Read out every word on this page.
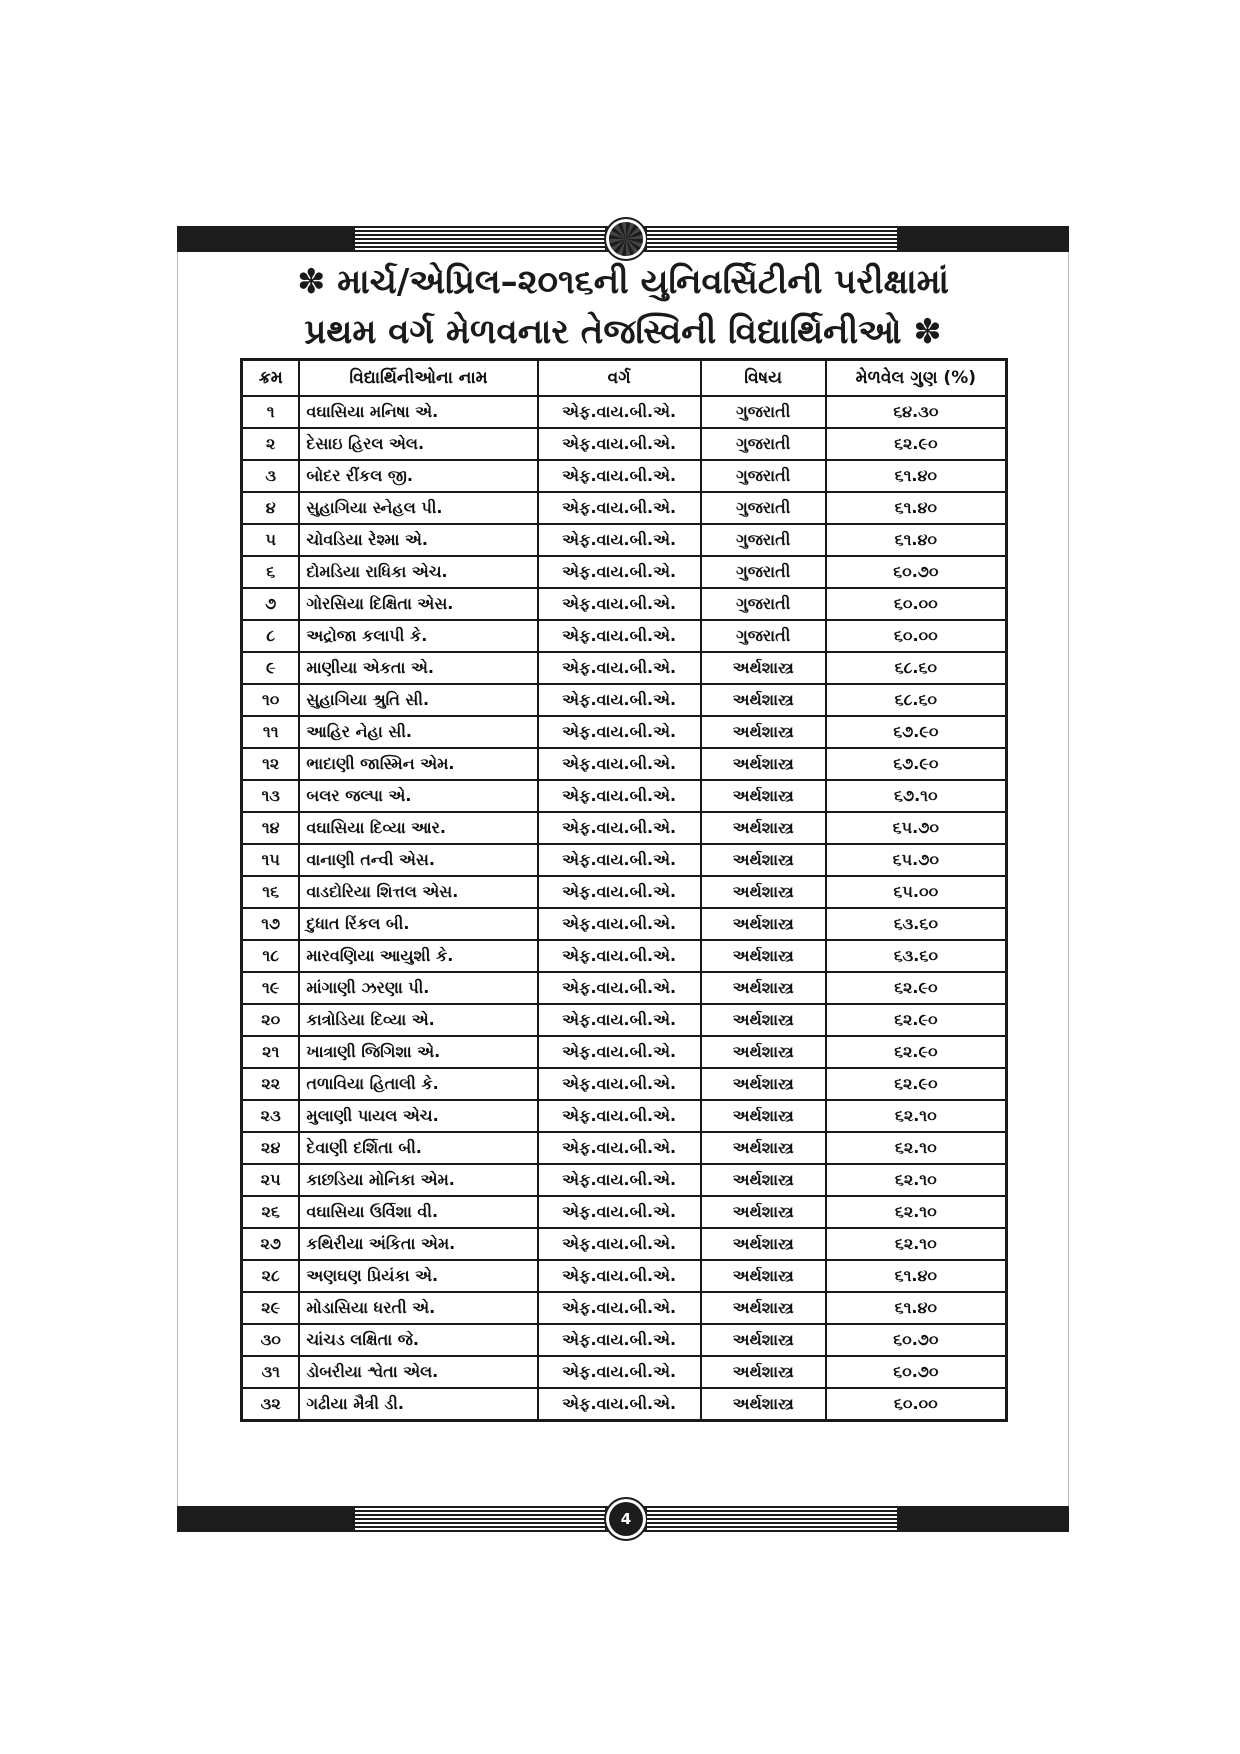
✽ માર્ચ/એપ્રિલ–૨૦૧૬ની યુનિવર્સિટીની પરીક્ષામાં
પ્રથમ વર્ગ મેળવનાર તેજસ્વિની વિદ્યાર્થિનીઓ ✽
ક્રમ	વિદ્યાર્થિનીઓના નામ	વર્ગ	વિષય	મેળવેલ ગુણ (%)
૧	વઘાસિયા મનિષા એ.	એફ.વાય.બી.એ.	ગુજરાતી	૬૪.૩૦
૨	દેસાઇ હિરલ એલ.	એફ.વાય.બી.એ.	ગુજરાતી	૬૨.૯૦
૩	બોદર રીંકલ જી.	એફ.વાય.બી.એ.	ગુજરાતી	૬૧.૪૦
૪	સુહાગિયા સ્નેહલ પી.	એફ.વાય.બી.એ.	ગુજરાતી	૬૧.૪૦
૫	ચોવડિયા રેશ્મા એ.	એફ.વાય.બી.એ.	ગુજરાતી	૬૧.૪૦
૬	દોમડિયા રાધિકા એચ.	એફ.વાય.બી.એ.	ગુજરાતી	૬૦.૭૦
૭	ગોરસિયા દિક્ષિતા એસ.	એફ.વાય.બી.એ.	ગુજરાતી	૬૦.૦૦
૮	અદ્રોજા કલાપી કે.	એફ.વાય.બી.એ.	ગુજરાતી	૬૦.૦૦
૯	માણીયા એકતા એ.	એફ.વાય.બી.એ.	અર્થશાસ્ત્ર	૬૮.૬૦
૧૦	સુહાગિયા શ્રુતિ સી.	એફ.વાય.બી.એ.	અર્થશાસ્ત્ર	૬૮.૬૦
૧૧	આહિર નેહા સી.	એફ.વાય.બી.એ.	અર્થશાસ્ત્ર	૬૭.૯૦
૧૨	ભાદાણી જાસ્મિન એમ.	એફ.વાય.બી.એ.	અર્થશાસ્ત્ર	૬૭.૯૦
૧૩	બલર જલ્પા એ.	એફ.વાય.બી.એ.	અર્થશાસ્ત્ર	૬૭.૧૦
૧૪	વઘાસિયા દિવ્યા આર.	એફ.વાય.બી.એ.	અર્થશાસ્ત્ર	૬૫.૭૦
૧૫	વાનાણી તન્વી એસ.	એફ.વાય.બી.એ.	અર્થશાસ્ત્ર	૬૫.૭૦
૧૬	વાડદોરિયા શિત્તલ એસ.	એફ.વાય.બી.એ.	અર્થશાસ્ત્ર	૬૫.૦૦
૧૭	દુધાત રિંકલ બી.	એફ.વાય.બી.એ.	અર્થશાસ્ત્ર	૬૩.૬૦
૧૮	મારવણિયા આયુશી કે.	એફ.વાય.બી.એ.	અર્થશાસ્ત્ર	૬૩.૬૦
૧૯	માંગાણી ઝરણા પી.	એફ.વાય.બી.એ.	અર્થશાસ્ત્ર	૬૨.૯૦
૨૦	કાત્રોડિયા દિવ્યા એ.	એફ.વાય.બી.એ.	અર્થશાસ્ત્ર	૬૨.૯૦
૨૧	ખાત્રાણી જિગિશા એ.	એફ.વાય.બી.એ.	અર્થશાસ્ત્ર	૬૨.૯૦
૨૨	તળાવિયા હિતાલી કે.	એફ.વાય.બી.એ.	અર્થશાસ્ત્ર	૬૨.૯૦
૨૩	મુલાણી પાયલ એચ.	એફ.વાય.બી.એ.	અર્થશાસ્ત્ર	૬૨.૧૦
૨૪	દેવાણી દર્શિતા બી.	એફ.વાય.બી.એ.	અર્થશાસ્ત્ર	૬૨.૧૦
૨૫	કાછડિયા મોનિકા એમ.	એફ.વાય.બી.એ.	અર્થશાસ્ત્ર	૬૨.૧૦
૨૬	વઘાસિયા ઉર્વિશા વી.	એફ.વાય.બી.એ.	અર્થશાસ્ત્ર	૬૨.૧૦
૨૭	કથિરીયા અંકિતા એમ.	એફ.વાય.બી.એ.	અર્થશાસ્ત્ર	૬૨.૧૦
૨૮	અણઘણ પ્રિયંકા એ.	એફ.વાય.બી.એ.	અર્થશાસ્ત્ર	૬૧.૪૦
૨૯	મોડાસિયા ધરતી એ.	એફ.વાય.બી.એ.	અર્થશાસ્ત્ર	૬૧.૪૦
૩૦	ચાંચડ લક્ષિતા જે.	એફ.વાય.બી.એ.	અર્થશાસ્ત્ર	૬૦.૭૦
૩૧	ડોબરીયા શ્વેતા એલ.	એફ.વાય.બી.એ.	અર્થશાસ્ત્ર	૬૦.૭૦
૩૨	ગઢીયા મૈત્રી ડી.	એફ.વાય.બી.એ.	અર્થશાસ્ત્ર	૬૦.૦૦
4
